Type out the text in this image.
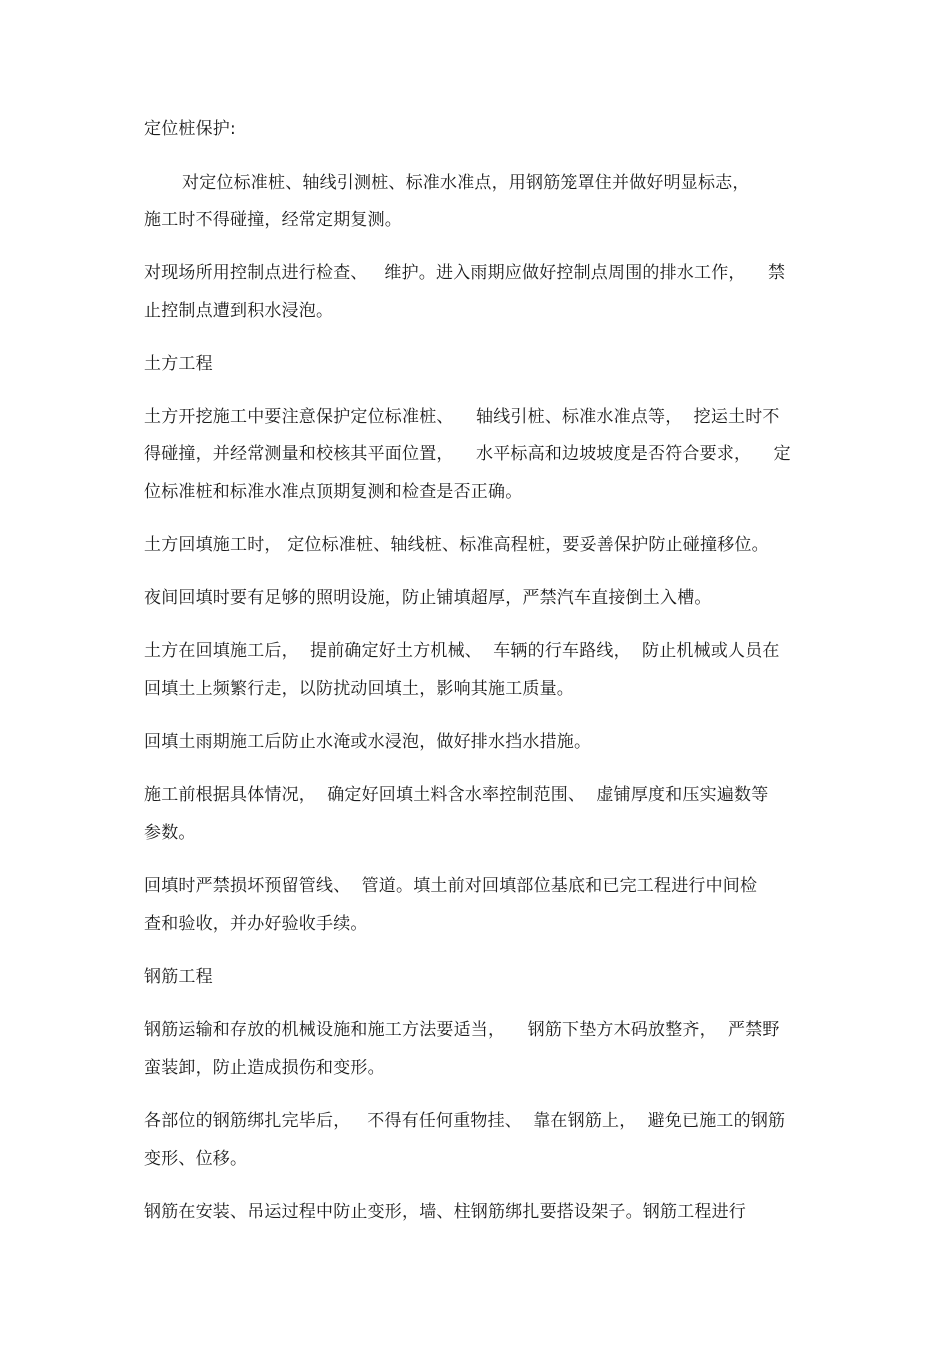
定位桩保护:
对定位标准桩、轴线引测桩、标准水准点，用钢筋笼罩住并做好明显标志，
施工时不得碰撞，经常定期复测。
对现场所用控制点进行检查、   维护。进入雨期应做好控制点周围的排水工作，    禁
止控制点遭到积水浸泡。
土方工程
土方开挖施工中要注意保护定位标准桩、    轴线引桩、标准水准点等，  挖运土时不
得碰撞，并经常测量和校核其平面位置，    水平标高和边坡坡度是否符合要求，    定
位标准桩和标准水准点顶期复测和检查是否正确。
土方回填施工时， 定位标准桩、轴线桩、标准高程桩，要妥善保护防止碰撞移位。
夜间回填时要有足够的照明设施，防止铺填超厚，严禁汽车直接倒土入槽。
土方在回填施工后，  提前确定好土方机械、  车辆的行车路线，  防止机械或人员在
回填土上频繁行走，以防扰动回填土，影响其施工质量。
回填土雨期施工后防止水淹或水浸泡，做好排水挡水措施。
施工前根据具体情况，  确定好回填土料含水率控制范围、  虚铺厚度和压实遍数等
参数。
回填时严禁损坏预留管线、  管道。填土前对回填部位基底和已完工程进行中间检
查和验收，并办好验收手续。
钢筋工程
钢筋运输和存放的机械设施和施工方法要适当，    钢筋下垫方木码放整齐，  严禁野
蛮装卸，防止造成损伤和变形。
各部位的钢筋绑扎完毕后，   不得有任何重物挂、  靠在钢筋上，  避免已施工的钢筋
变形、位移。
钢筋在安装、吊运过程中防止变形，墙、柱钢筋绑扎要搭设架子。钢筋工程进行
